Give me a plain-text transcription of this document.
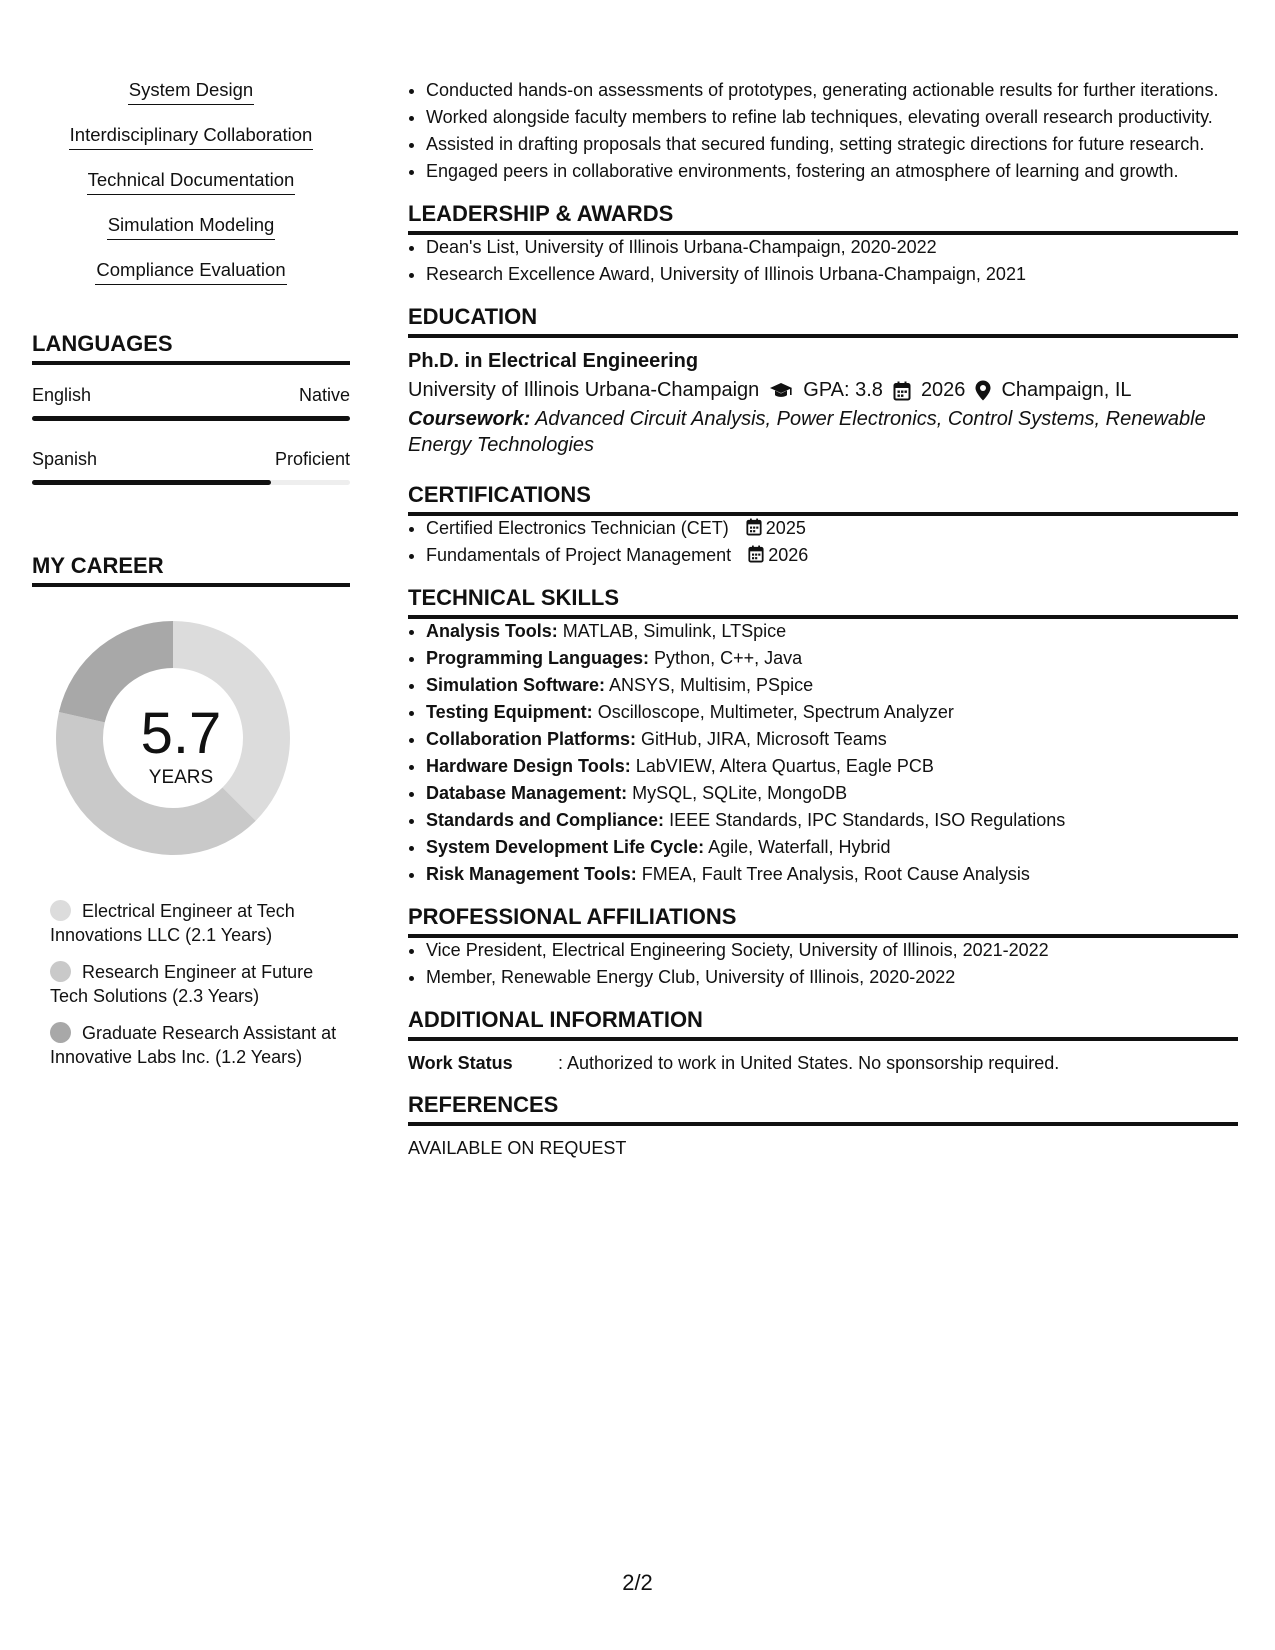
System Design
Interdisciplinary Collaboration
Technical Documentation
Simulation Modeling
Compliance Evaluation
LANGUAGES
English	Native
Spanish	Proficient
MY CAREER
5.7
YEARS
Electrical Engineer at Tech Innovations LLC (2.1 Years)
Research Engineer at Future Tech Solutions (2.3 Years)
Graduate Research Assistant at Innovative Labs Inc. (1.2 Years)
• Conducted hands-on assessments of prototypes, generating actionable results for further iterations.
• Worked alongside faculty members to refine lab techniques, elevating overall research productivity.
• Assisted in drafting proposals that secured funding, setting strategic directions for future research.
• Engaged peers in collaborative environments, fostering an atmosphere of learning and growth.
LEADERSHIP & AWARDS
• Dean's List, University of Illinois Urbana-Champaign, 2020-2022
• Research Excellence Award, University of Illinois Urbana-Champaign, 2021
EDUCATION
Ph.D. in Electrical Engineering
University of Illinois Urbana-Champaign GPA: 3.8 2026 Champaign, IL
Coursework: Advanced Circuit Analysis, Power Electronics, Control Systems, Renewable Energy Technologies
CERTIFICATIONS
• Certified Electronics Technician (CET) 2025
• Fundamentals of Project Management 2026
TECHNICAL SKILLS
• Analysis Tools: MATLAB, Simulink, LTSpice
• Programming Languages: Python, C++, Java
• Simulation Software: ANSYS, Multisim, PSpice
• Testing Equipment: Oscilloscope, Multimeter, Spectrum Analyzer
• Collaboration Platforms: GitHub, JIRA, Microsoft Teams
• Hardware Design Tools: LabVIEW, Altera Quartus, Eagle PCB
• Database Management: MySQL, SQLite, MongoDB
• Standards and Compliance: IEEE Standards, IPC Standards, ISO Regulations
• System Development Life Cycle: Agile, Waterfall, Hybrid
• Risk Management Tools: FMEA, Fault Tree Analysis, Root Cause Analysis
PROFESSIONAL AFFILIATIONS
• Vice President, Electrical Engineering Society, University of Illinois, 2021-2022
• Member, Renewable Energy Club, University of Illinois, 2020-2022
ADDITIONAL INFORMATION
Work Status	: Authorized to work in United States. No sponsorship required.
REFERENCES
AVAILABLE ON REQUEST
2/2
